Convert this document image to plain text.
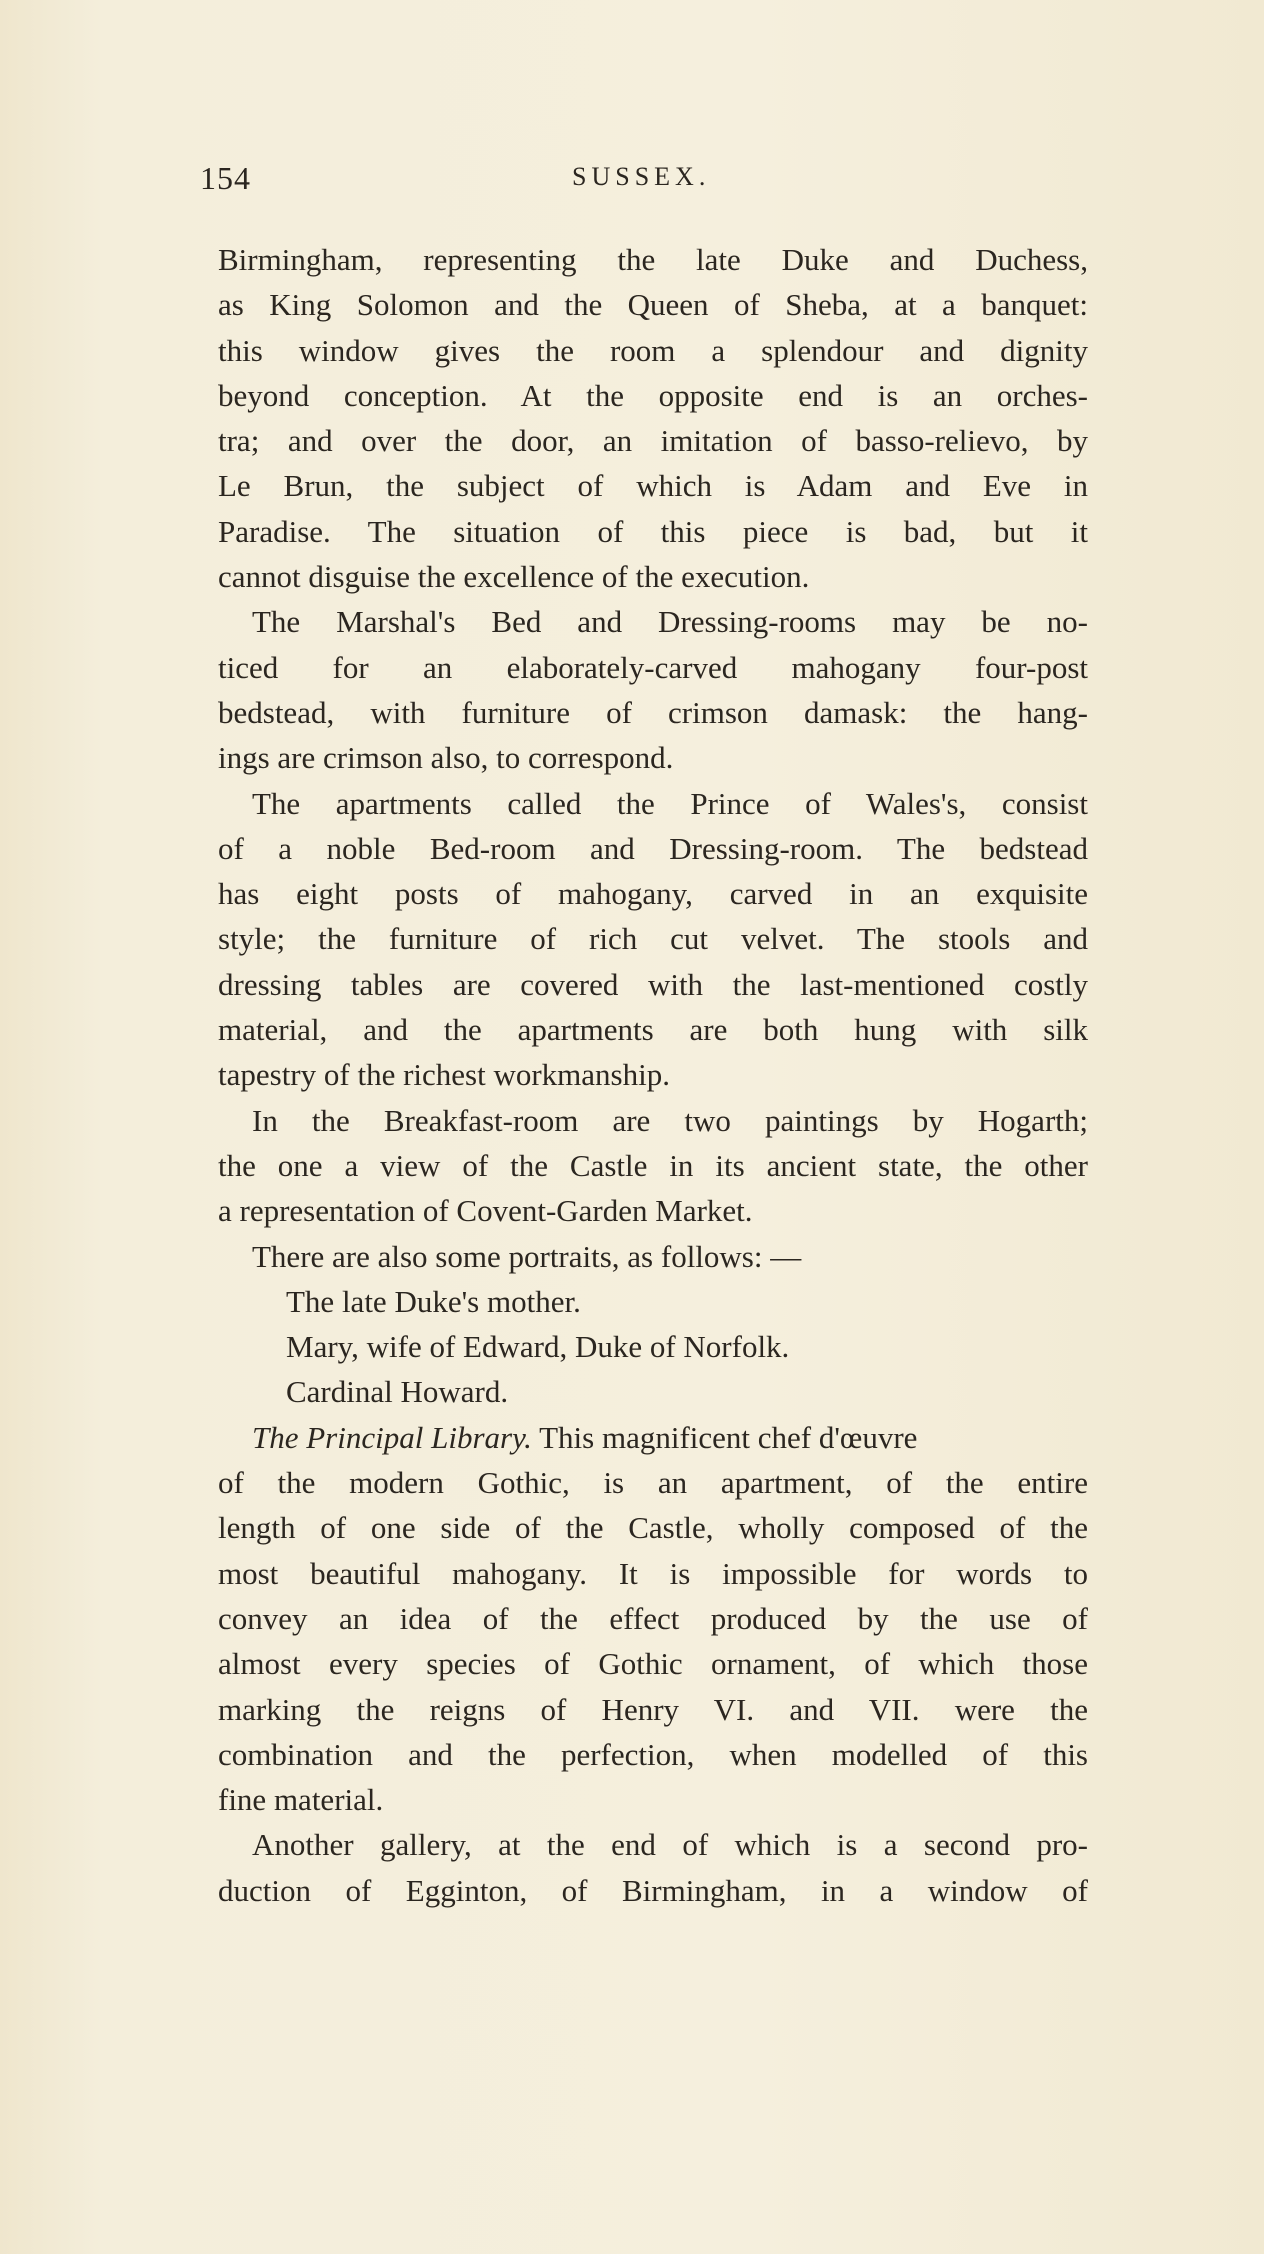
154	SUSSEX.
Birmingham, representing the late Duke and Duchess,
as King Solomon and the Queen of Sheba, at a banquet:
this window gives the room a splendour and dignity
beyond conception. At the opposite end is an orches-
tra; and over the door, an imitation of basso-relievo, by
Le Brun, the subject of which is Adam and Eve in
Paradise. The situation of this piece is bad, but it
cannot disguise the excellence of the execution.
The Marshal's Bed and Dressing-rooms may be no-
ticed for an elaborately-carved mahogany four-post
bedstead, with furniture of crimson damask: the hang-
ings are crimson also, to correspond.
The apartments called the Prince of Wales's, consist
of a noble Bed-room and Dressing-room. The bedstead
has eight posts of mahogany, carved in an exquisite
style; the furniture of rich cut velvet. The stools and
dressing tables are covered with the last-mentioned costly
material, and the apartments are both hung with silk
tapestry of the richest workmanship.
In the Breakfast-room are two paintings by Hogarth;
the one a view of the Castle in its ancient state, the other
a representation of Covent-Garden Market.
There are also some portraits, as follows: —
The late Duke's mother.
Mary, wife of Edward, Duke of Norfolk.
Cardinal Howard.
The Principal Library. This magnificent chef d'œuvre
of the modern Gothic, is an apartment, of the entire
length of one side of the Castle, wholly composed of the
most beautiful mahogany. It is impossible for words to
convey an idea of the effect produced by the use of
almost every species of Gothic ornament, of which those
marking the reigns of Henry VI. and VII. were the
combination and the perfection, when modelled of this
fine material.
Another gallery, at the end of which is a second pro-
duction of Egginton, of Birmingham, in a window of
